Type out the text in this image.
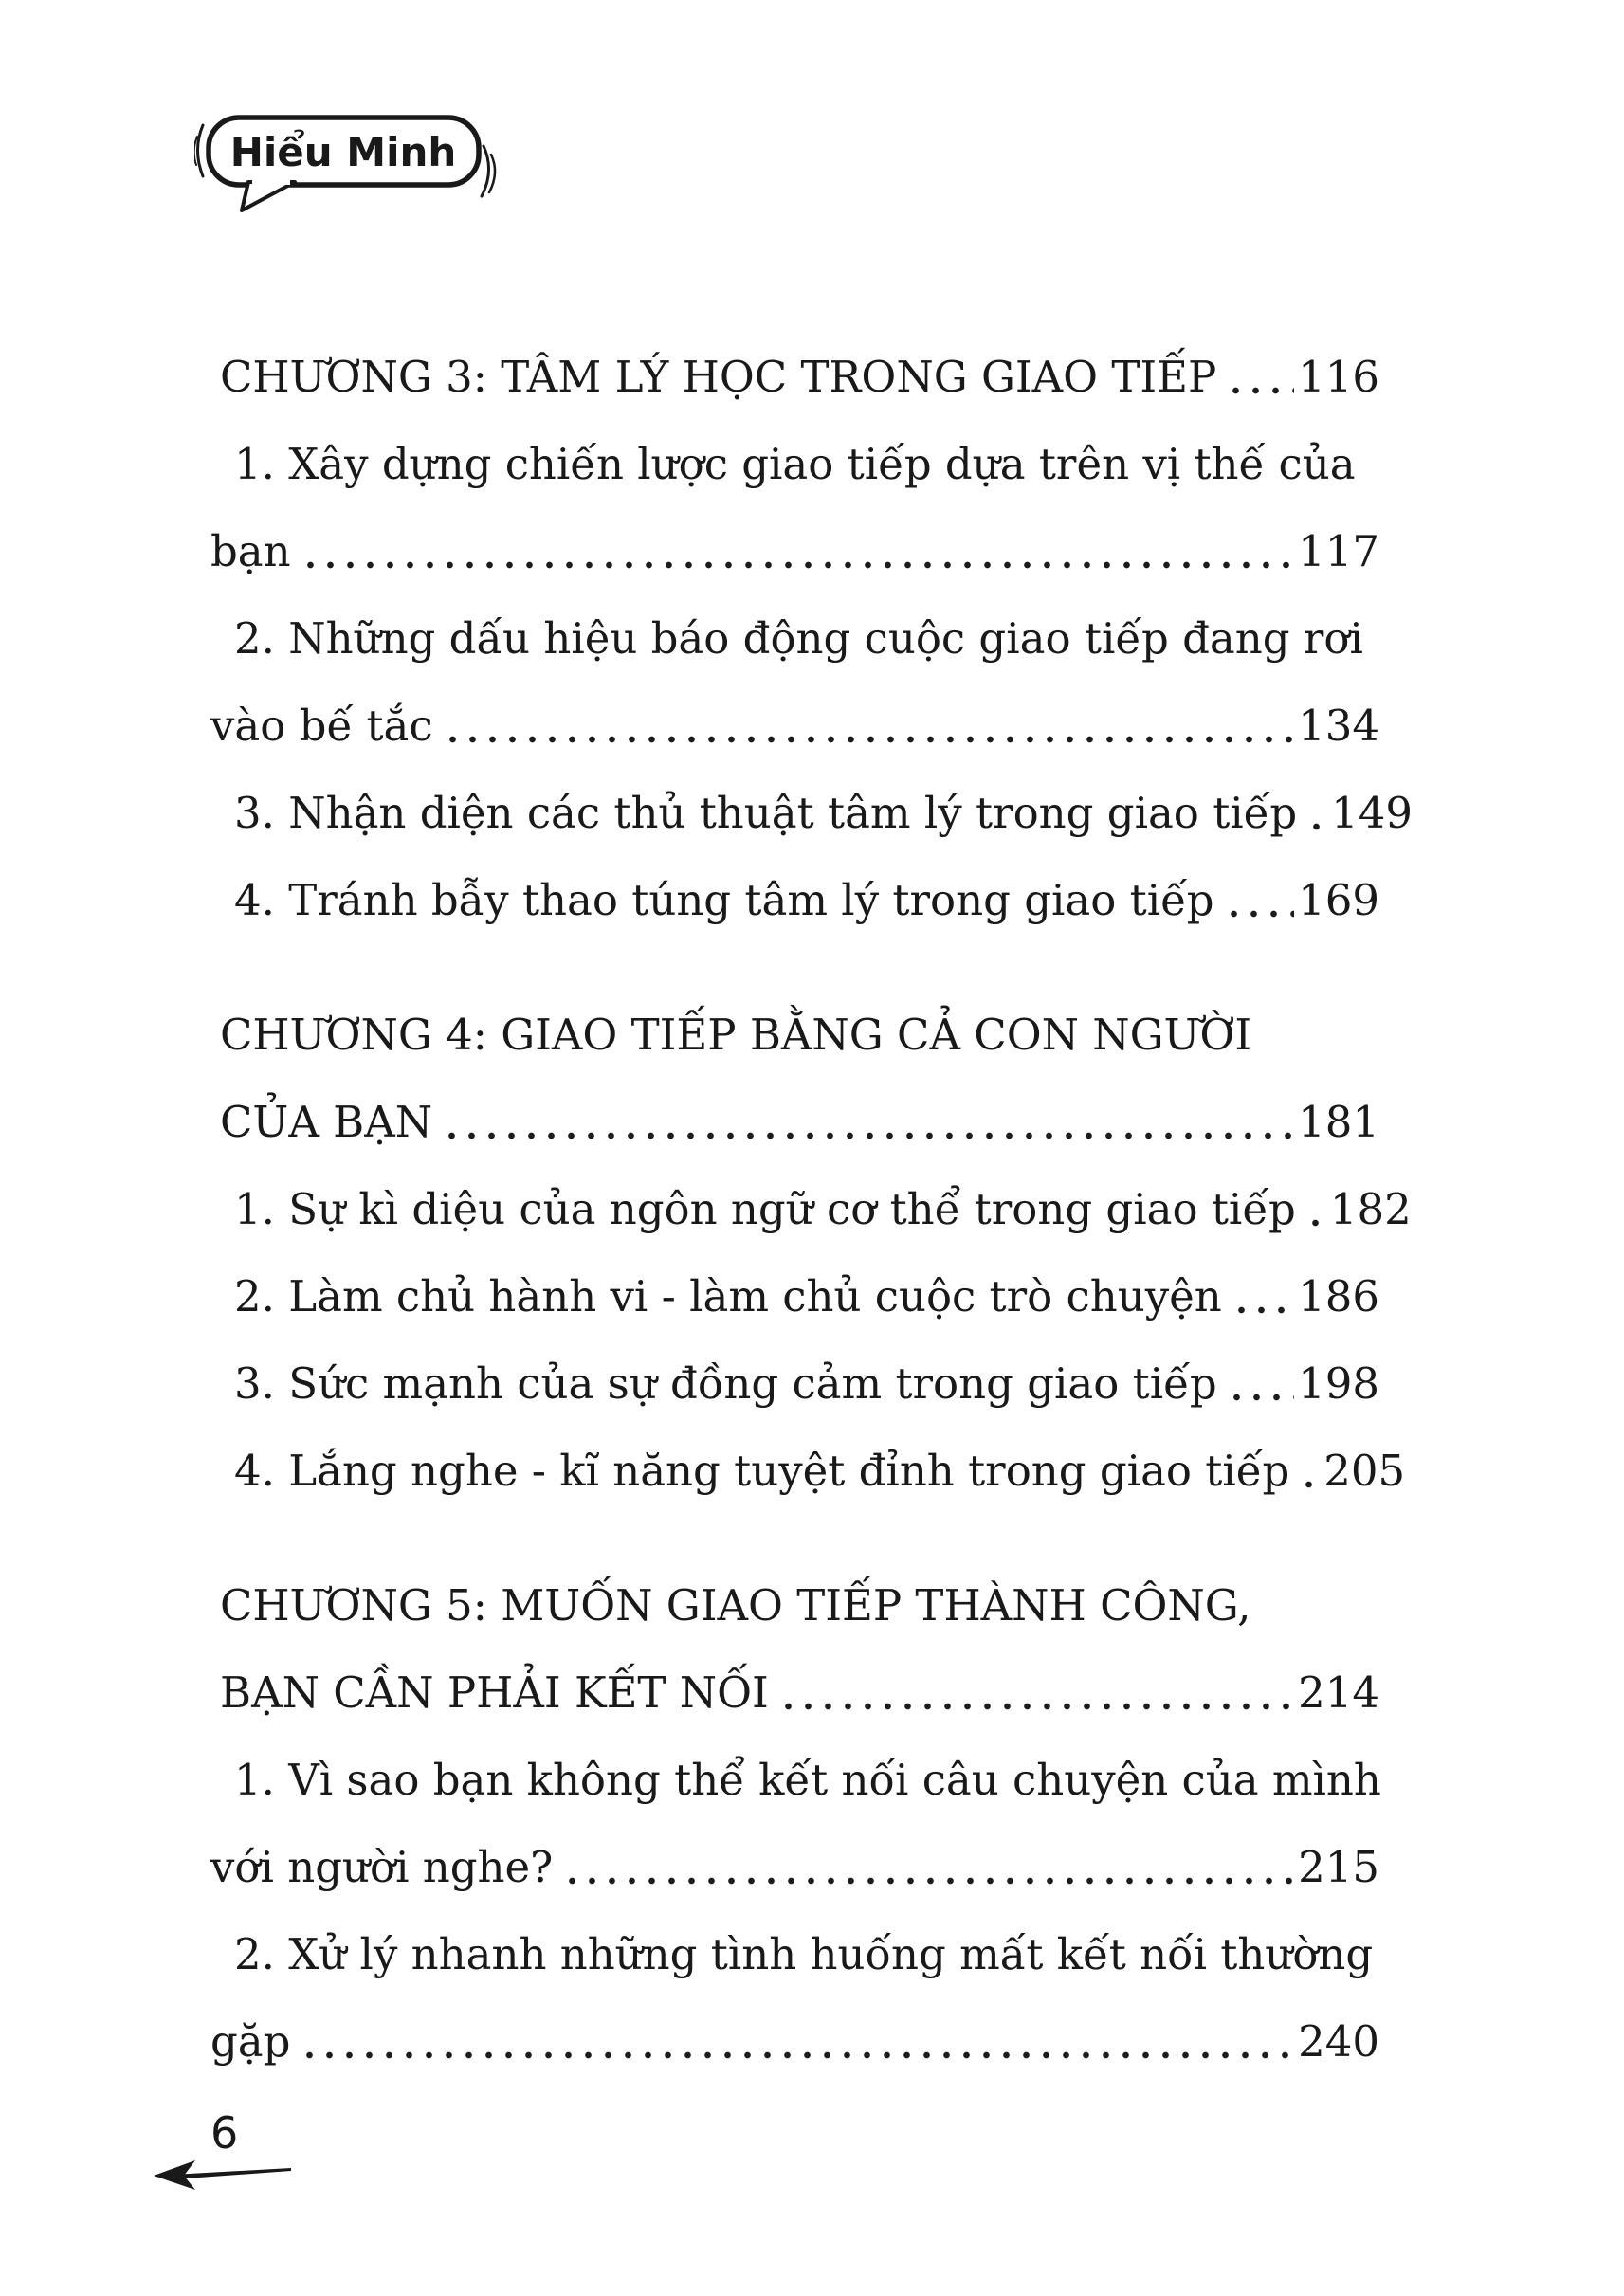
Hiểu Minh
CHƯƠNG 3: TÂM LÝ HỌC TRONG GIAO TIẾP 116
1. Xây dựng chiến lược giao tiếp dựa trên vị thế của
bạn	117
2. Những dấu hiệu báo động cuộc giao tiếp đang rơi
vào bế tắc	134
3. Nhận diện các thủ thuật tâm lý trong giao tiếp 149
4. Tránh bẫy thao túng tâm lý trong giao tiếp 169
CHƯƠNG 4: GIAO TIẾP BẰNG CẢ CON NGƯỜI
CỦA BẠN	181
1. Sự kì diệu của ngôn ngữ cơ thể trong giao tiếp 182
2. Làm chủ hành vi - làm chủ cuộc trò chuyện 186
3. Sức mạnh của sự đồng cảm trong giao tiếp 198
4. Lắng nghe - kĩ năng tuyệt đỉnh trong giao tiếp 205
CHƯƠNG 5: MUỐN GIAO TIẾP THÀNH CÔNG,
BẠN CẦN PHẢI KẾT NỐI	214
1. Vì sao bạn không thể kết nối câu chuyện của mình
với người nghe?	215
2. Xử lý nhanh những tình huống mất kết nối thường
gặp	240
6
